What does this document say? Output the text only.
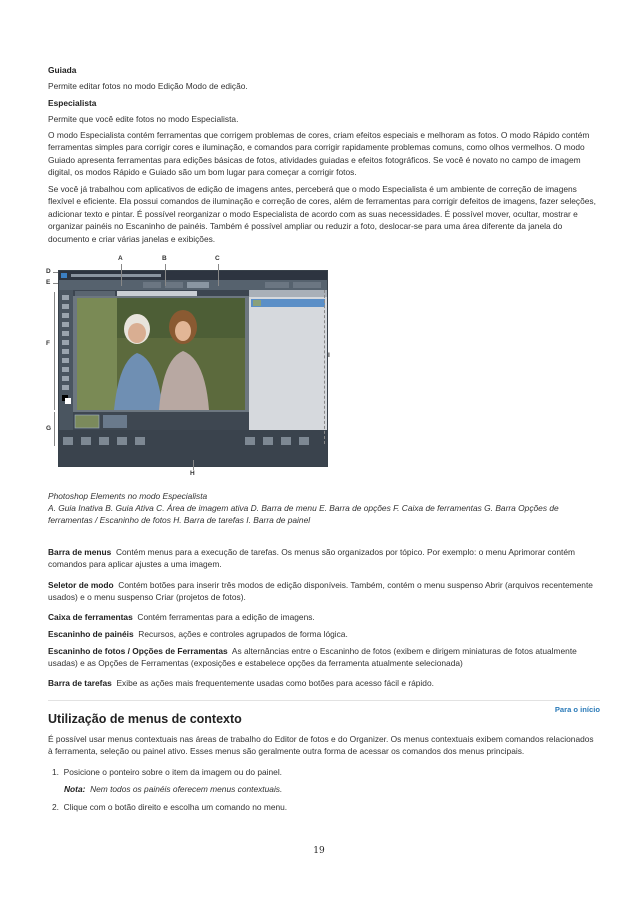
Guiada
Permite editar fotos no modo Edição Modo de edição.
Especialista
Permite que você edite fotos no modo Especialista.
O modo Especialista contém ferramentas que corrigem problemas de cores, criam efeitos especiais e melhoram as fotos. O modo Rápido contém ferramentas simples para corrigir cores e iluminação, e comandos para corrigir rapidamente problemas comuns, como olhos vermelhos. O modo Guiado apresenta ferramentas para edições básicas de fotos, atividades guiadas e efeitos fotográficos. Se você é novato no campo de imagem digital, os modos Rápido e Guiado são um bom lugar para começar a corrigir fotos.
Se você já trabalhou com aplicativos de edição de imagens antes, perceberá que o modo Especialista é um ambiente de correção de imagens flexível e eficiente. Ela possui comandos de iluminação e correção de cores, além de ferramentas para corrigir defeitos de imagens, fazer seleções, adicionar texto e pintar. É possível reorganizar o modo Especialista de acordo com as suas necessidades. É possível mover, ocultar, mostrar e organizar painéis no Escaninho de painéis. Também é possível ampliar ou reduzir a foto, deslocar-se para uma área diferente da janela do documento e criar várias janelas e exibições.
A	B	C
D
E
F
G
I
H
Photoshop Elements no modo Especialista
A. Guia Inativa B. Guia Ativa C. Área de imagem ativa D. Barra de menu E. Barra de opções F. Caixa de ferramentas G. Barra Opções de ferramentas / Escaninho de fotos H. Barra de tarefas I. Barra de painel
Barra de menus Contém menus para a execução de tarefas. Os menus são organizados por tópico. Por exemplo: o menu Aprimorar contém comandos para aplicar ajustes a uma imagem.
Seletor de modo Contém botões para inserir três modos de edição disponíveis. Também, contém o menu suspenso Abrir (arquivos recentemente usados) e o menu suspenso Criar (projetos de fotos).
Caixa de ferramentas Contém ferramentas para a edição de imagens.
Escaninho de painéis Recursos, ações e controles agrupados de forma lógica.
Escaninho de fotos / Opções de Ferramentas As alternâncias entre o Escaninho de fotos (exibem e dirigem miniaturas de fotos atualmente usadas) e as Opções de Ferramentas (exposições e estabelece opções da ferramenta atualmente selecionada)
Barra de tarefas Exibe as ações mais frequentemente usadas como botões para acesso fácil e rápido.
Para o início
Utilização de menus de contexto
É possível usar menus contextuais nas áreas de trabalho do Editor de fotos e do Organizer. Os menus contextuais exibem comandos relacionados à ferramenta, seleção ou painel ativo. Esses menus são geralmente outra forma de acessar os comandos dos menus principais.
1. Posicione o ponteiro sobre o item da imagem ou do painel.
Nota: Nem todos os painéis oferecem menus contextuais.
2. Clique com o botão direito e escolha um comando no menu.
19
